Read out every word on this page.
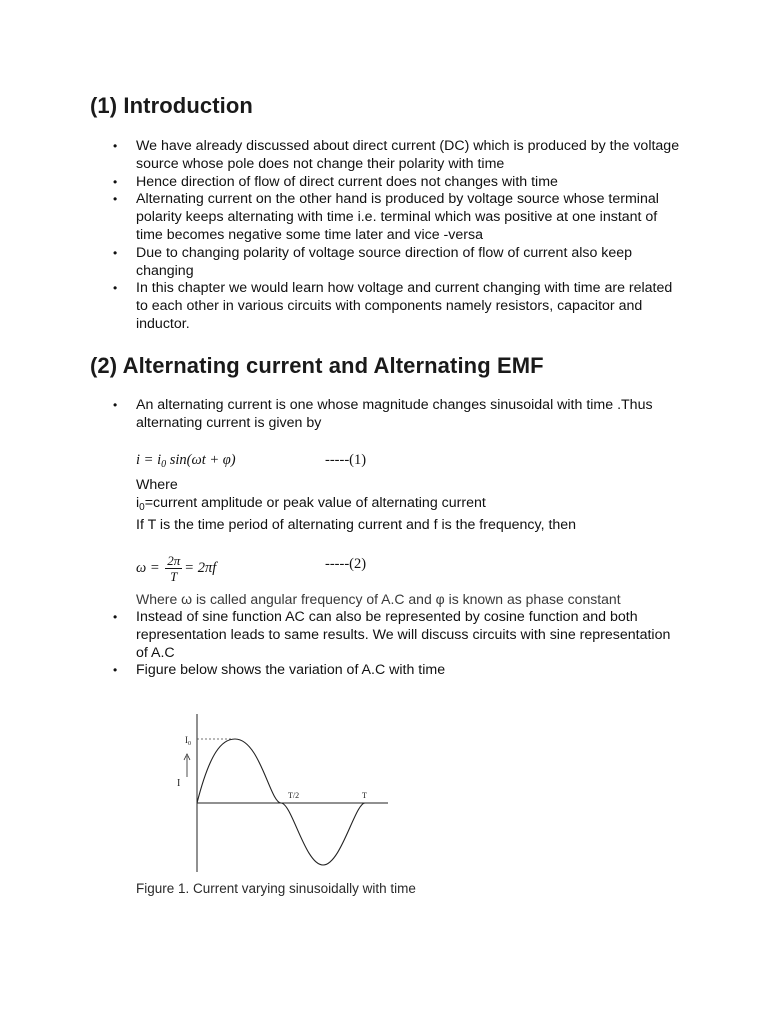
(1) Introduction
• We have already discussed about direct current (DC) which is produced by the voltage source whose pole does not change their polarity with time
• Hence direction of flow of direct current does not changes with time
• Alternating current on the other hand is produced by voltage source whose terminal polarity keeps alternating with time i.e. terminal which was positive at one instant of time becomes negative some time later and vice -versa
• Due to changing polarity of voltage source direction of flow of current also keep changing
• In this chapter we would learn how voltage and current changing with time are related to each other in various circuits with components namely resistors, capacitor and inductor.
(2) Alternating current and Alternating EMF
• An alternating current is one whose magnitude changes sinusoidal with time .Thus alternating current is given by
$i = i_0$ sin(ωt + φ)	-----(1)
Where
$i_0=current$ amplitude or peak value of alternating current
If T is the time period of alternating current and f is the frequency, then
$\omega = \frac{2\pi}{T} = 2\pi f$	-----(2)
Where ω is called angular frequency of A.C and φ is known as phase constant
• Instead of sine function AC can also be represented by cosine function and both representation leads to same results. We will discuss circuits with sine representation of A.C
• Figure below shows the variation of A.C with time
$I_0$
I
T/2	T
Figure 1. Current varying sinusoidally with time
